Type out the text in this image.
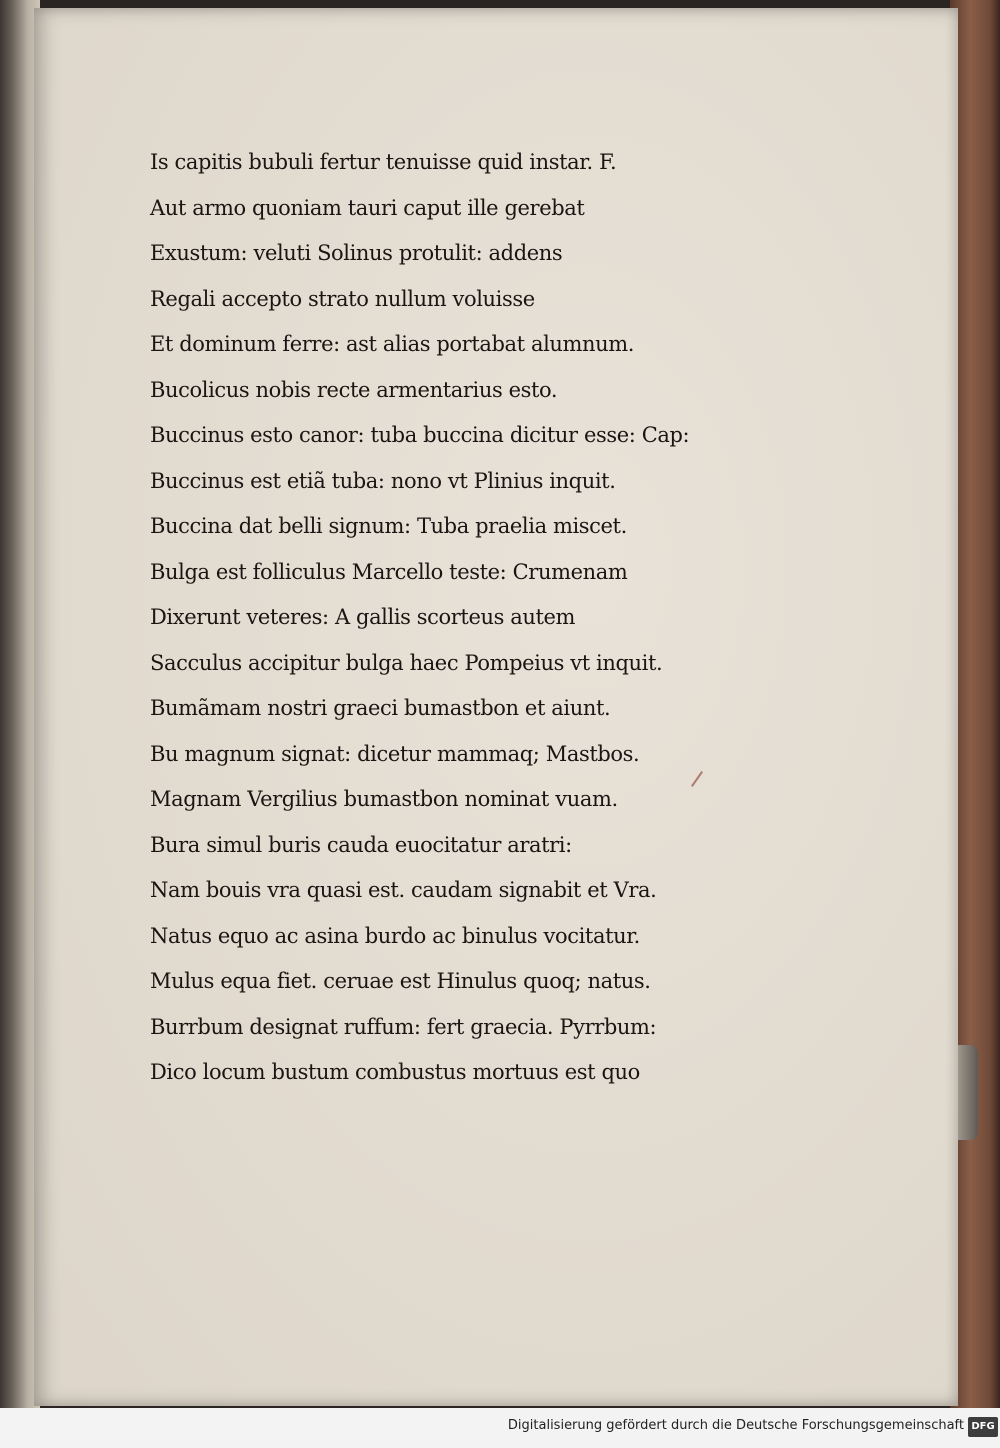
Is capitis bubuli fertur tenuisse quid instar. F.
Aut armo quoniam tauri caput ille gerebat
Exustum: veluti Solinus protulit: addens
Regali accepto strato nullum voluisse
Et dominum ferre: ast alias portabat alumnum.
Bucolicus nobis recte armentarius esto.
Buccinus esto canor: tuba buccina dicitur esse: Cap:
Buccinus est etiã tuba: nono vt Plinius inquit.
Buccina dat belli signum: Tuba praelia miscet.
Bulga est folliculus Marcello teste: Crumenam
Dixerunt veteres: A gallis scorteus autem
Sacculus accipitur bulga haec Pompeius vt inquit.
Bumãmam nostri graeci bumastbon et aiunt.
Bu magnum signat: dicetur mammaq; Mastbos.
Magnam Vergilius bumastbon nominat vuam.
Bura simul buris cauda euocitatur aratri:
Nam bouis vra quasi est. caudam signabit et Vra.
Natus equo ac asina burdo ac binulus vocitatur.
Mulus equa fiet. ceruae est Hinulus quoq; natus.
Burrbum designat ruffum: fert graecia. Pyrrbum:
Dico locum bustum combustus mortuus est quo
Digitalisierung gefördert durch die Deutsche Forschungsgemeinschaft DFG
